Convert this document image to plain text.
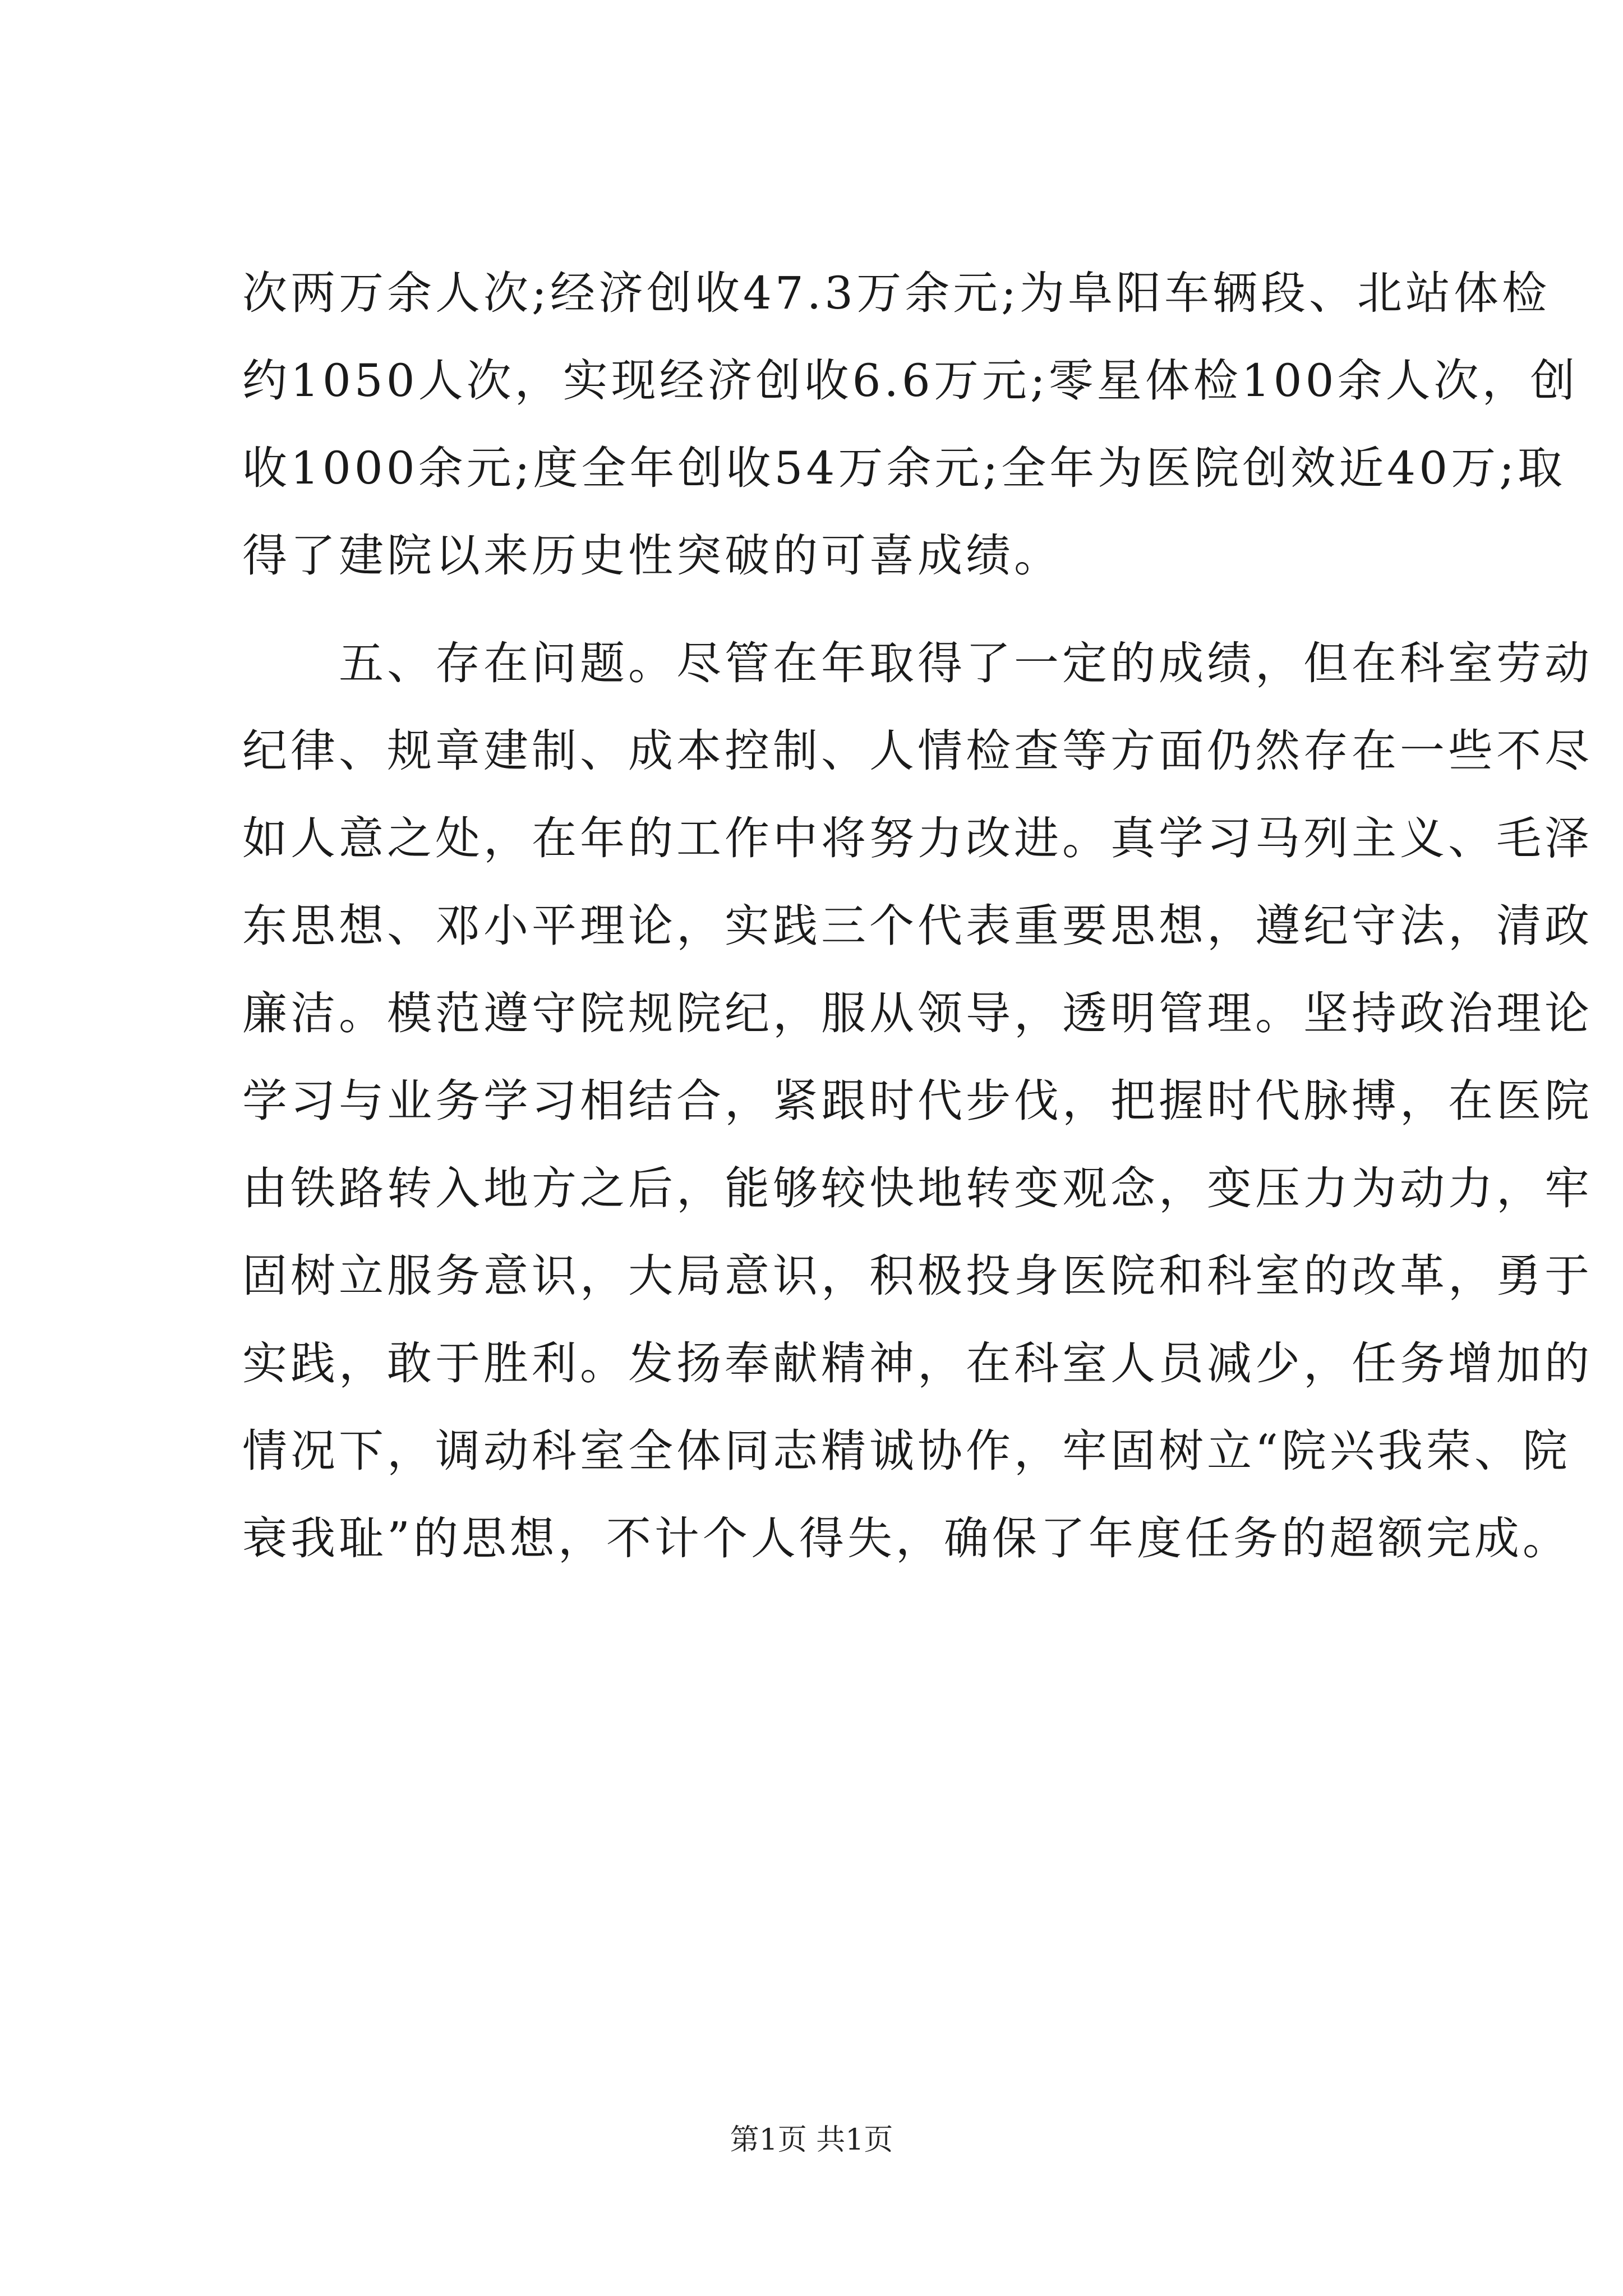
次两万余人次;经济创收47.3万余元;为阜阳车辆段、北站体检
约1050人次，实现经济创收6.6万元;零星体检100余人次，创
收1000余元;度全年创收54万余元;全年为医院创效近40万;取
得了建院以来历史性突破的可喜成绩。
　　五、存在问题。尽管在年取得了一定的成绩，但在科室劳动
纪律、规章建制、成本控制、人情检查等方面仍然存在一些不尽
如人意之处，在年的工作中将努力改进。真学习马列主义、毛泽
东思想、邓小平理论，实践三个代表重要思想，遵纪守法，清政
廉洁。模范遵守院规院纪，服从领导，透明管理。坚持政治理论
学习与业务学习相结合，紧跟时代步伐，把握时代脉搏，在医院
由铁路转入地方之后，能够较快地转变观念，变压力为动力，牢
固树立服务意识，大局意识，积极投身医院和科室的改革，勇于
实践，敢于胜利。发扬奉献精神，在科室人员减少，任务增加的
情况下，调动科室全体同志精诚协作，牢固树立“院兴我荣、院
衰我耻”的思想，不计个人得失，确保了年度任务的超额完成。
第1页 共1页
